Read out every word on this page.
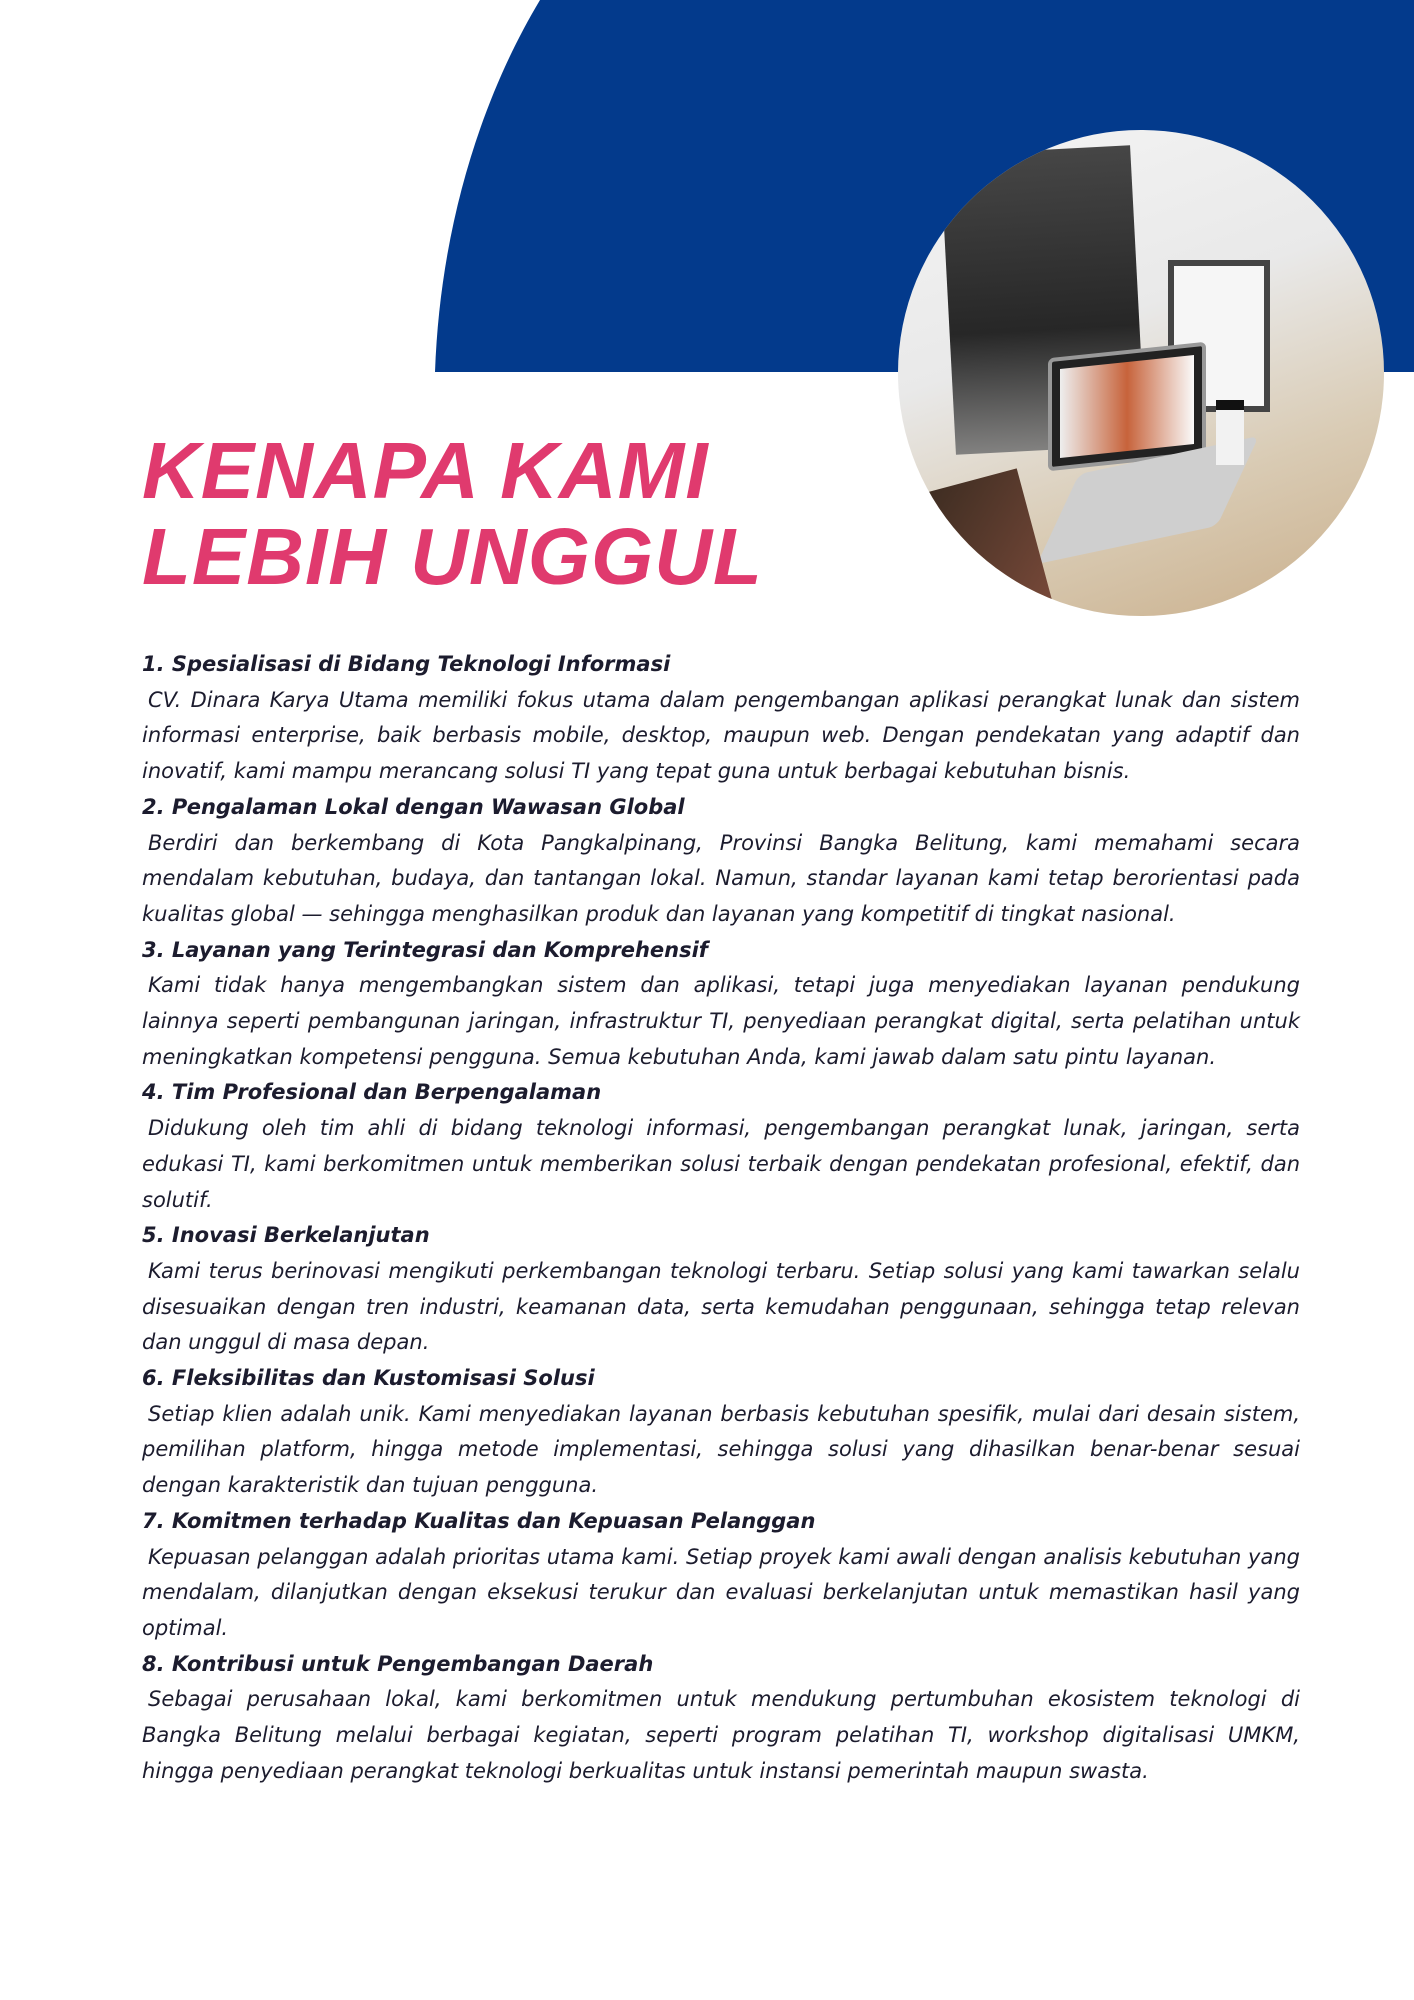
KENAPA KAMI
LEBIH UNGGUL
1. Spesialisasi di Bidang Teknologi Informasi

CV. Dinara Karya Utama memiliki fokus utama dalam pengembangan aplikasi perangkat lunak dan sistem informasi enterprise, baik berbasis mobile, desktop, maupun web. Dengan pendekatan yang adaptif dan inovatif, kami mampu merancang solusi TI yang tepat guna untuk berbagai kebutuhan bisnis.

2. Pengalaman Lokal dengan Wawasan Global

Berdiri dan berkembang di Kota Pangkalpinang, Provinsi Bangka Belitung, kami memahami secara mendalam kebutuhan, budaya, dan tantangan lokal. Namun, standar layanan kami tetap berorientasi pada kualitas global — sehingga menghasilkan produk dan layanan yang kompetitif di tingkat nasional.

3. Layanan yang Terintegrasi dan Komprehensif

Kami tidak hanya mengembangkan sistem dan aplikasi, tetapi juga menyediakan layanan pendukung lainnya seperti pembangunan jaringan, infrastruktur TI, penyediaan perangkat digital, serta pelatihan untuk meningkatkan kompetensi pengguna. Semua kebutuhan Anda, kami jawab dalam satu pintu layanan.

4. Tim Profesional dan Berpengalaman

Didukung oleh tim ahli di bidang teknologi informasi, pengembangan perangkat lunak, jaringan, serta edukasi TI, kami berkomitmen untuk memberikan solusi terbaik dengan pendekatan profesional, efektif, dan solutif.

5. Inovasi Berkelanjutan

Kami terus berinovasi mengikuti perkembangan teknologi terbaru. Setiap solusi yang kami tawarkan selalu disesuaikan dengan tren industri, keamanan data, serta kemudahan penggunaan, sehingga tetap relevan dan unggul di masa depan.

6. Fleksibilitas dan Kustomisasi Solusi

Setiap klien adalah unik. Kami menyediakan layanan berbasis kebutuhan spesifik, mulai dari desain sistem, pemilihan platform, hingga metode implementasi, sehingga solusi yang dihasilkan benar-benar sesuai dengan karakteristik dan tujuan pengguna.

7. Komitmen terhadap Kualitas dan Kepuasan Pelanggan

Kepuasan pelanggan adalah prioritas utama kami. Setiap proyek kami awali dengan analisis kebutuhan yang mendalam, dilanjutkan dengan eksekusi terukur dan evaluasi berkelanjutan untuk memastikan hasil yang optimal.

8. Kontribusi untuk Pengembangan Daerah

Sebagai perusahaan lokal, kami berkomitmen untuk mendukung pertumbuhan ekosistem teknologi di Bangka Belitung melalui berbagai kegiatan, seperti program pelatihan TI, workshop digitalisasi UMKM, hingga penyediaan perangkat teknologi berkualitas untuk instansi pemerintah maupun swasta.
